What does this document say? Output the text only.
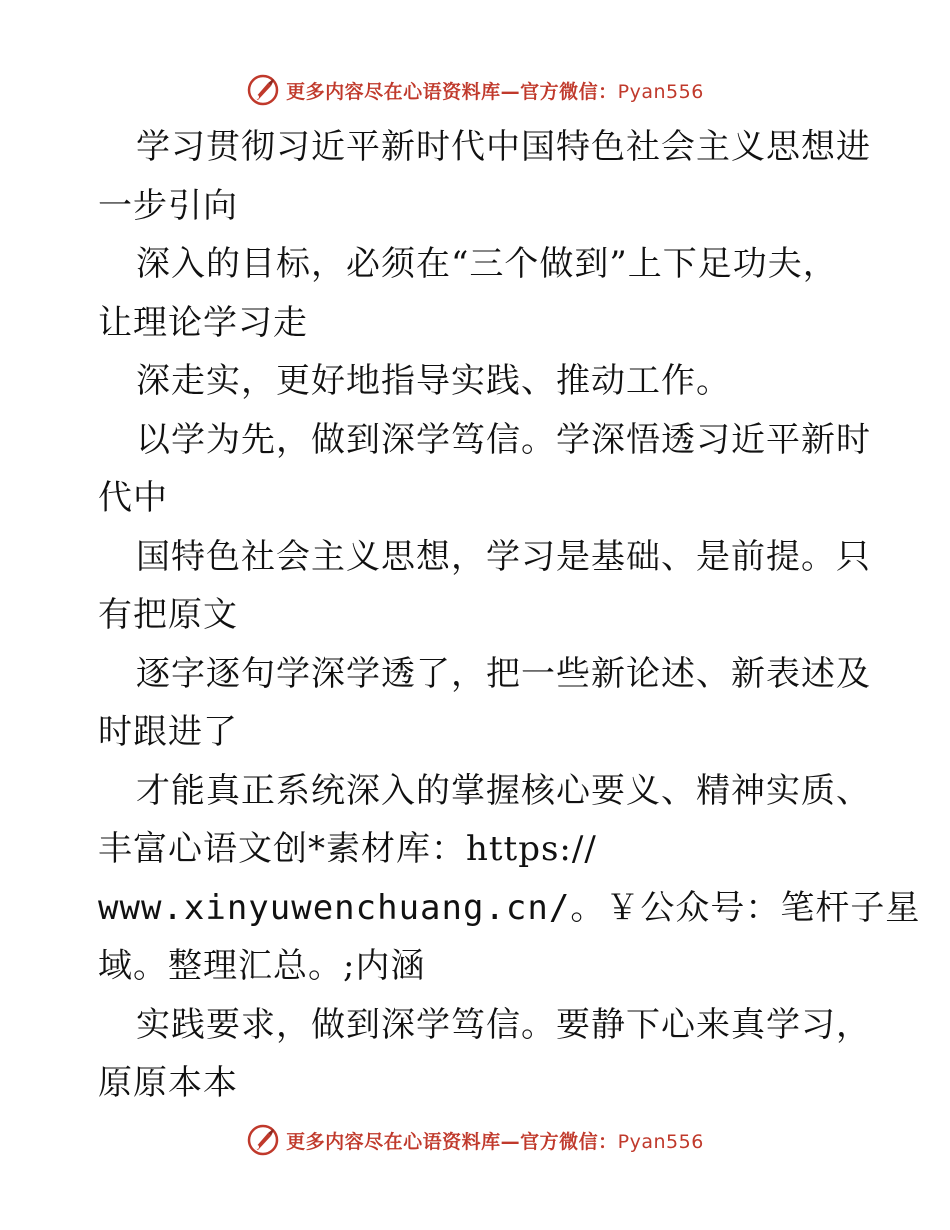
更多内容尽在心语资料库—官方微信：Pyan556
学习贯彻习近平新时代中国特色社会主义思想进
一步引向
深入的目标，必须在“三个做到”上下足功夫，
让理论学习走
深走实，更好地指导实践、推动工作。
以学为先，做到深学笃信。学深悟透习近平新时
代中
国特色社会主义思想，学习是基础、是前提。只
有把原文
逐字逐句学深学透了，把一些新论述、新表述及
时跟进了
才能真正系统深入的掌握核心要义、精神实质、
丰富心语文创*素材库：https://
www.xinyuwenchuang.cn/。￥公众号：笔杆子星
域。整理汇总。;内涵
实践要求，做到深学笃信。要静下心来真学习，
原原本本
更多内容尽在心语资料库—官方微信：Pyan556
